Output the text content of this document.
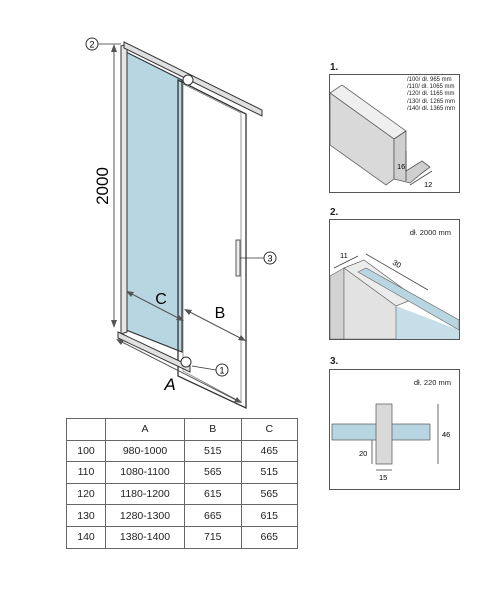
2000
C
B
A
2
3
1
1.
16
12
/100/ dł. 965 mm
/110/ dł. 1065 mm
/120/ dł. 1165 mm
/130/ dł. 1265 mm
/140/ dł. 1365 mm
2.
dł. 2000 mm
11
30
3.
dł. 220 mm
46
20
15
	A	B	C
100	980-1000	515	465
110	1080-1100	565	515
120	1180-1200	615	565
130	1280-1300	665	615
140	1380-1400	715	665
